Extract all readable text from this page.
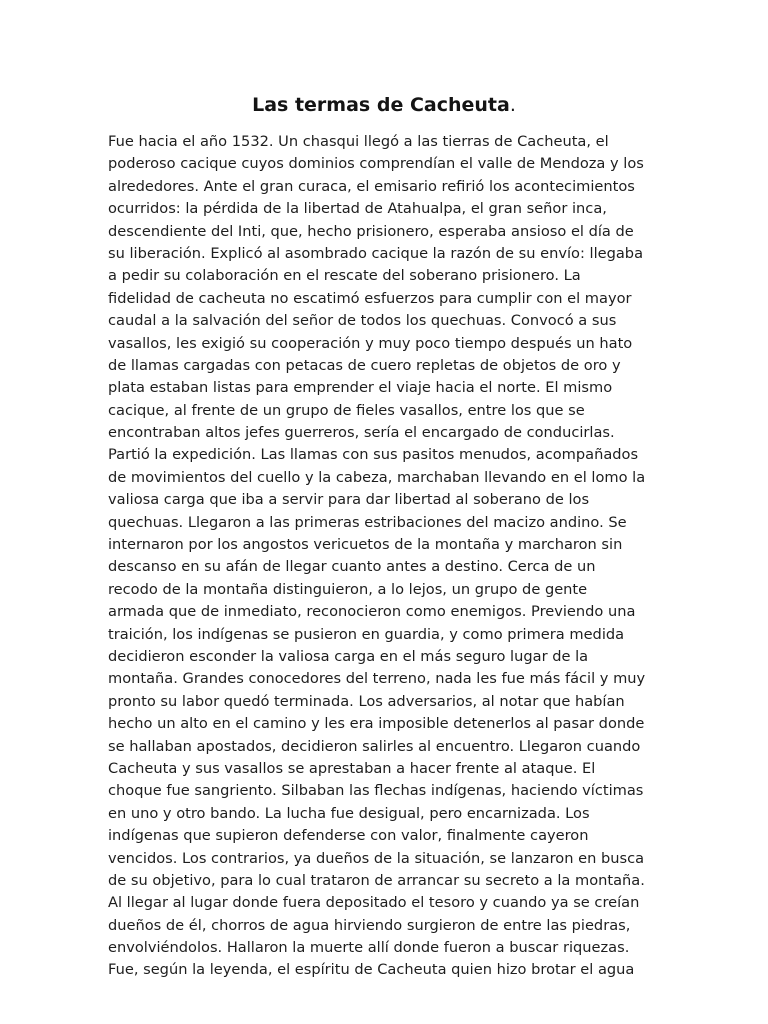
Las termas de Cacheuta.
Fue hacia el año 1532. Un chasqui llegó a las tierras de Cacheuta, el
poderoso cacique cuyos dominios comprendían el valle de Mendoza y los
alrededores. Ante el gran curaca, el emisario refirió los acontecimientos
ocurridos: la pérdida de la libertad de Atahualpa, el gran señor inca,
descendiente del Inti, que, hecho prisionero, esperaba ansioso el día de
su liberación. Explicó al asombrado cacique la razón de su envío: llegaba
a pedir su colaboración en el rescate del soberano prisionero. La
fidelidad de cacheuta no escatimó esfuerzos para cumplir con el mayor
caudal a la salvación del señor de todos los quechuas. Convocó a sus
vasallos, les exigió su cooperación y muy poco tiempo después un hato
de llamas cargadas con petacas de cuero repletas de objetos de oro y
plata estaban listas para emprender el viaje hacia el norte. El mismo
cacique, al frente de un grupo de fieles vasallos, entre los que se
encontraban altos jefes guerreros, sería el encargado de conducirlas.
Partió la expedición. Las llamas con sus pasitos menudos, acompañados
de movimientos del cuello y la cabeza, marchaban llevando en el lomo la
valiosa carga que iba a servir para dar libertad al soberano de los
quechuas. Llegaron a las primeras estribaciones del macizo andino. Se
internaron por los angostos vericuetos de la montaña y marcharon sin
descanso en su afán de llegar cuanto antes a destino. Cerca de un
recodo de la montaña distinguieron, a lo lejos, un grupo de gente
armada que de inmediato, reconocieron como enemigos. Previendo una
traición, los indígenas se pusieron en guardia, y como primera medida
decidieron esconder la valiosa carga en el más seguro lugar de la
montaña. Grandes conocedores del terreno, nada les fue más fácil y muy
pronto su labor quedó terminada. Los adversarios, al notar que habían
hecho un alto en el camino y les era imposible detenerlos al pasar donde
se hallaban apostados, decidieron salirles al encuentro. Llegaron cuando
Cacheuta y sus vasallos se aprestaban a hacer frente al ataque. El
choque fue sangriento. Silbaban las flechas indígenas, haciendo víctimas
en uno y otro bando. La lucha fue desigual, pero encarnizada. Los
indígenas que supieron defenderse con valor, finalmente cayeron
vencidos. Los contrarios, ya dueños de la situación, se lanzaron en busca
de su objetivo, para lo cual trataron de arrancar su secreto a la montaña.
Al llegar al lugar donde fuera depositado el tesoro y cuando ya se creían
dueños de él, chorros de agua hirviendo surgieron de entre las piedras,
envolviéndolos. Hallaron la muerte allí donde fueron a buscar riquezas.
Fue, según la leyenda, el espíritu de Cacheuta quien hizo brotar el agua
